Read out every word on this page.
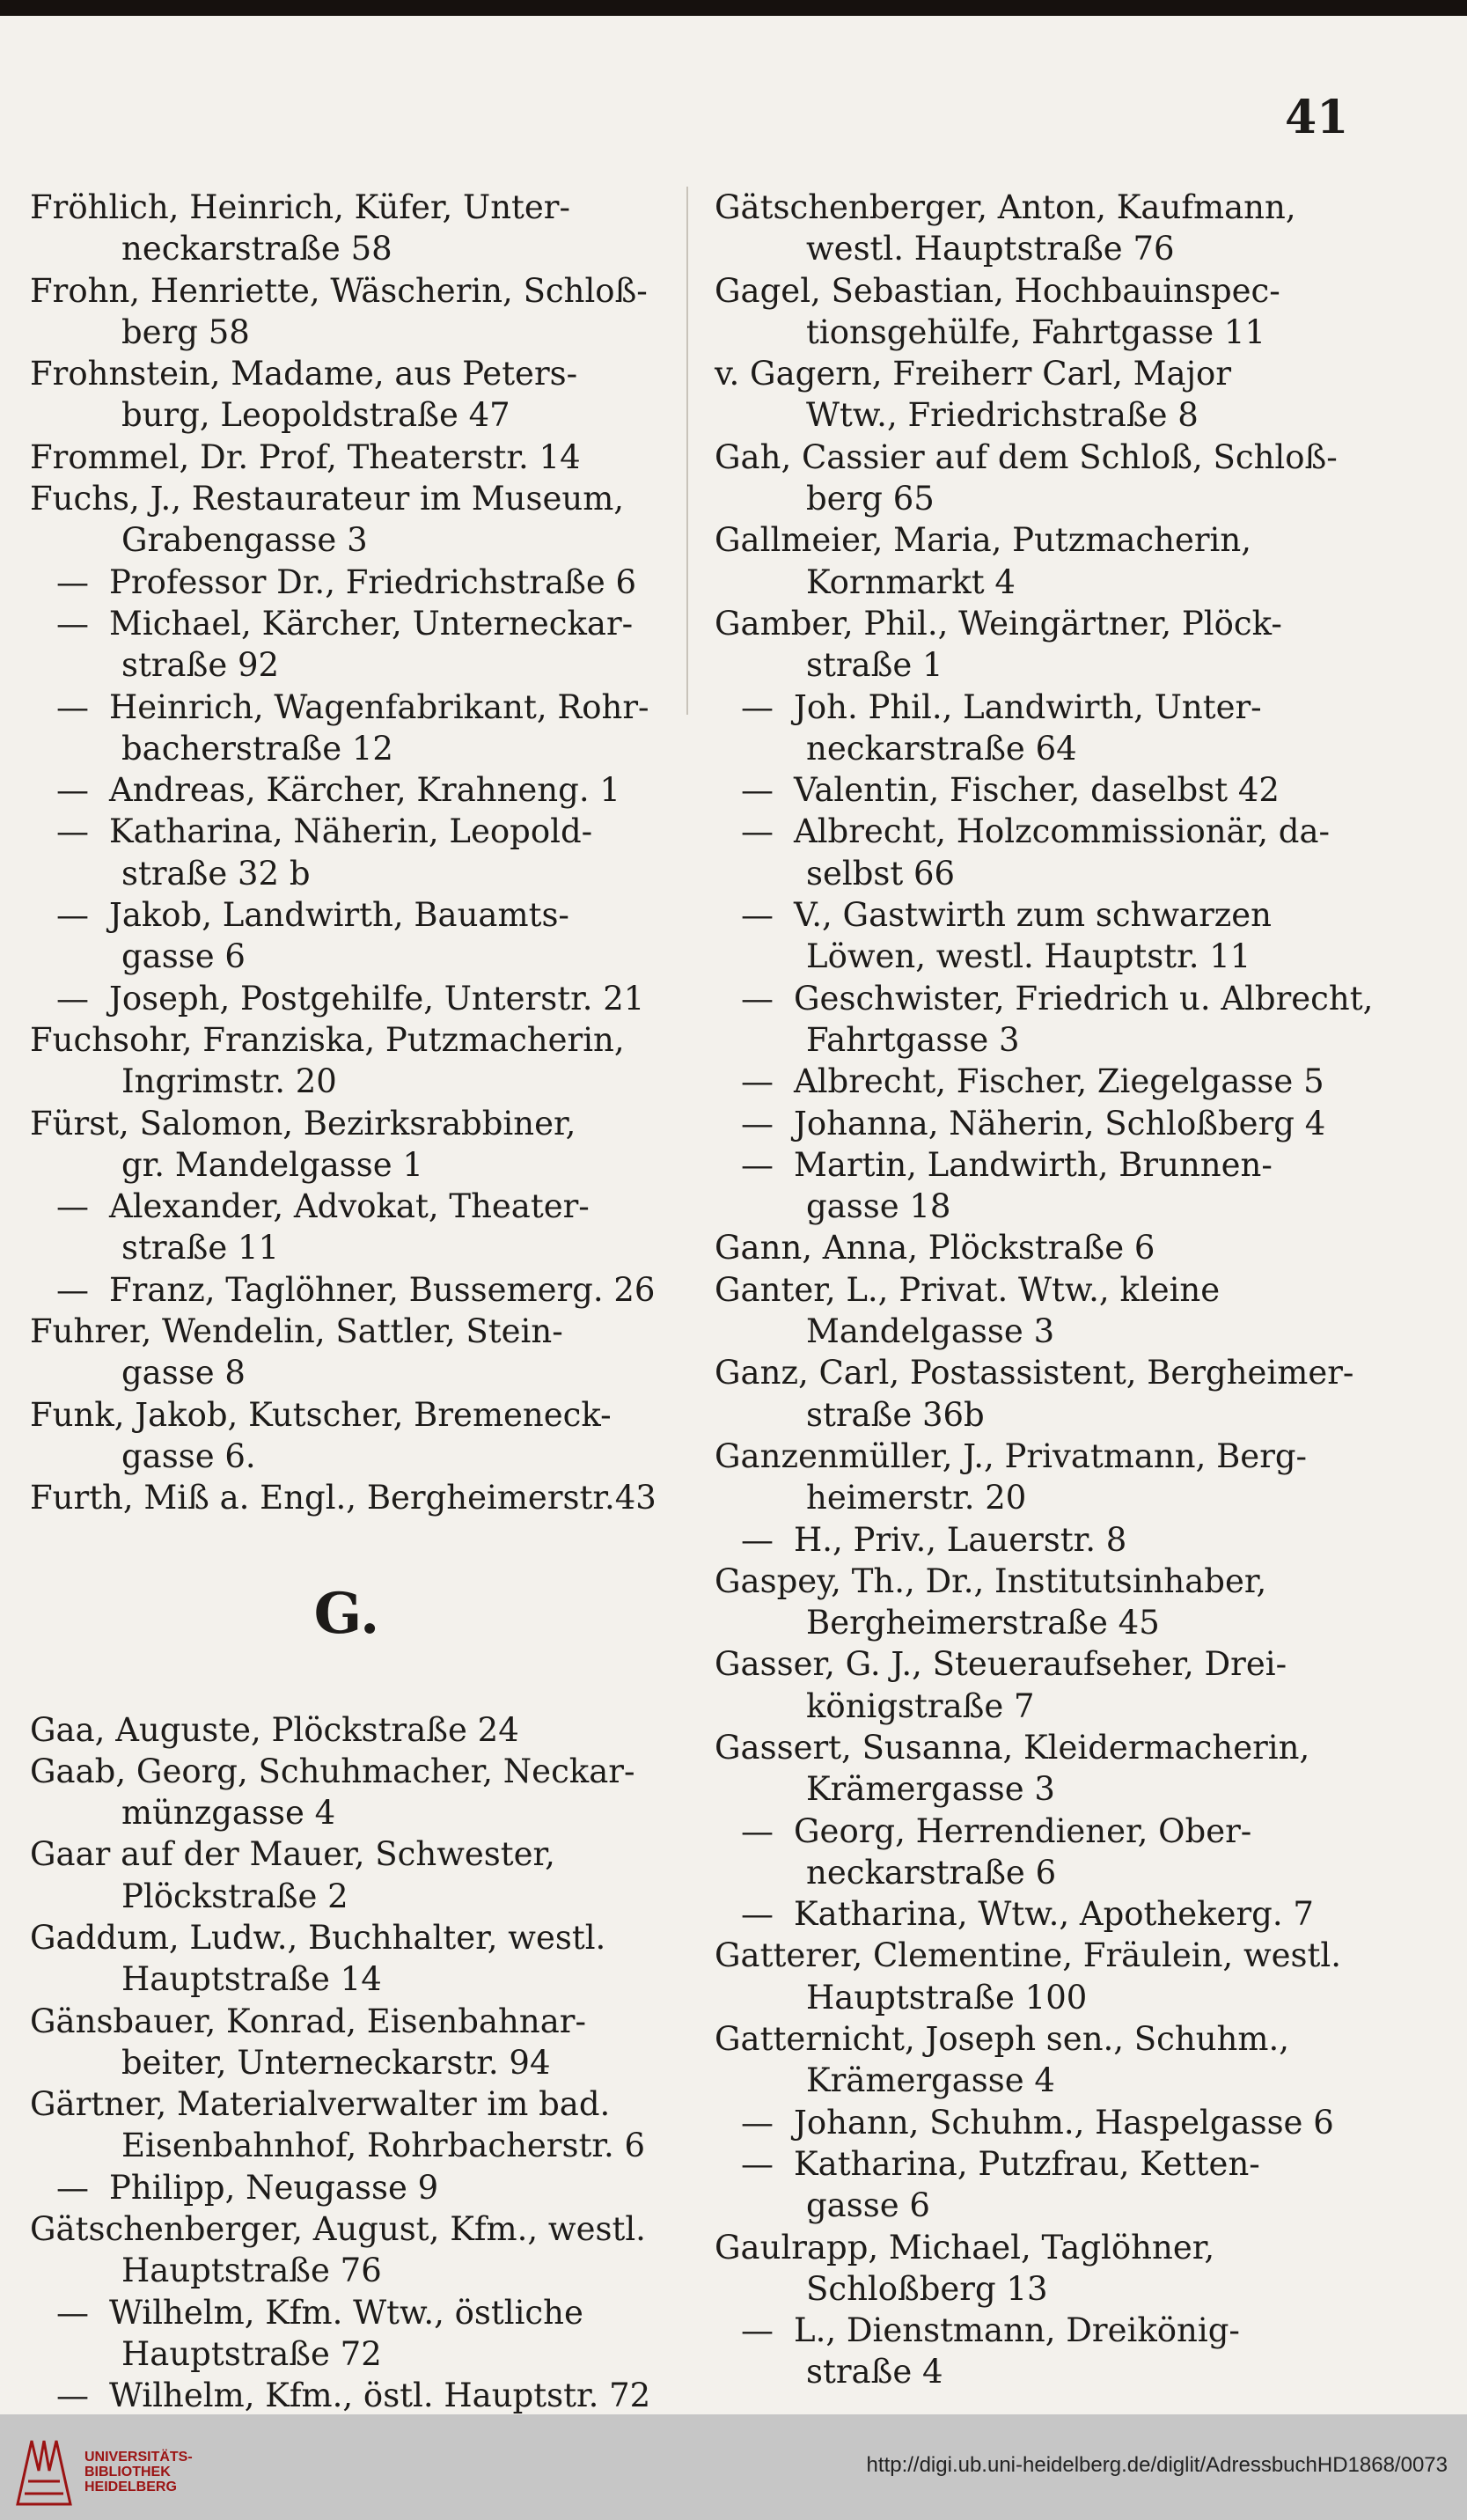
41

Fröhlich, Heinrich, Küfer, Unter-
neckarstraße 58

Frohn, Henriette, Wäscherin, Schloß-
berg 58

Frohnstein, Madame, aus Peters-
burg, Leopoldstraße 47

Frommel, Dr. Prof, Theaterstr. 14

Fuchs, J., Restaurateur im Museum,
Grabengasse 3

— Professor Dr., Friedrichstraße 6

— Michael, Kärcher, Unterneckar-
straße 92

— Heinrich, Wagenfabrikant, Rohr-
bacherstraße 12

— Andreas, Kärcher, Krahneng. 1

— Katharina, Näherin, Leopold-
straße 32 b

— Jakob, Landwirth, Bauamts-
gasse 6

— Joseph, Postgehilfe, Unterstr. 21

Fuchsohr, Franziska, Putzmacherin,
Ingrimstr. 20

Fürst, Salomon, Bezirksrabbiner,
gr. Mandelgasse 1

— Alexander, Advokat, Theater-
straße 11

— Franz, Taglöhner, Bussemerg. 26

Fuhrer, Wendelin, Sattler, Stein-
gasse 8

Funk, Jakob, Kutscher, Bremeneck-
gasse 6.

Furth, Miß a. Engl., Bergheimerstr.43

G.

Gaa, Auguste, Plöckstraße 24

Gaab, Georg, Schuhmacher, Neckar-
münzgasse 4

Gaar auf der Mauer, Schwester,
Plöckstraße 2

Gaddum, Ludw., Buchhalter, westl.
Hauptstraße 14

Gänsbauer, Konrad, Eisenbahnar-
beiter, Unterneckarstr. 94

Gärtner, Materialverwalter im bad.
Eisenbahnhof, Rohrbacherstr. 6

— Philipp, Neugasse 9

Gätschenberger, August, Kfm., westl.
Hauptstraße 76

— Wilhelm, Kfm. Wtw., östliche
Hauptstraße 72

— Wilhelm, Kfm., östl. Hauptstr. 72

Gätschenberger, Anton, Kaufmann,
westl. Hauptstraße 76

Gagel, Sebastian, Hochbauinspec-
tionsgehülfe, Fahrtgasse 11

v. Gagern, Freiherr Carl, Major
Wtw., Friedrichstraße 8

Gah, Cassier auf dem Schloß, Schloß-
berg 65

Gallmeier, Maria, Putzmacherin,
Kornmarkt 4

Gamber, Phil., Weingärtner, Plöck-
straße 1

— Joh. Phil., Landwirth, Unter-
neckarstraße 64

— Valentin, Fischer, daselbst 42

— Albrecht, Holzcommissionär, da-
selbst 66

— V., Gastwirth zum schwarzen
Löwen, westl. Hauptstr. 11

— Geschwister, Friedrich u. Albrecht,
Fahrtgasse 3

— Albrecht, Fischer, Ziegelgasse 5

— Johanna, Näherin, Schloßberg 4

— Martin, Landwirth, Brunnen-
gasse 18

Gann, Anna, Plöckstraße 6

Ganter, L., Privat. Wtw., kleine
Mandelgasse 3

Ganz, Carl, Postassistent, Bergheimer-
straße 36b

Ganzenmüller, J., Privatmann, Berg-
heimerstr. 20

— H., Priv., Lauerstr. 8

Gaspey, Th., Dr., Institutsinhaber,
Bergheimerstraße 45

Gasser, G. J., Steueraufseher, Drei-
königstraße 7

Gassert, Susanna, Kleidermacherin,
Krämergasse 3

— Georg, Herrendiener, Ober-
neckarstraße 6

— Katharina, Wtw., Apothekerg. 7

Gatterer, Clementine, Fräulein, westl.
Hauptstraße 100

Gatternicht, Joseph sen., Schuhm.,
Krämergasse 4

— Johann, Schuhm., Haspelgasse 6

— Katharina, Putzfrau, Ketten-
gasse 6

Gaulrapp, Michael, Taglöhner,
Schloßberg 13

— L., Dienstmann, Dreikönig-
straße 4

UNIVERSITÄTS-
BIBLIOTHEK
HEIDELBERG
http://digi.ub.uni-heidelberg.de/diglit/AdressbuchHD1868/0073
